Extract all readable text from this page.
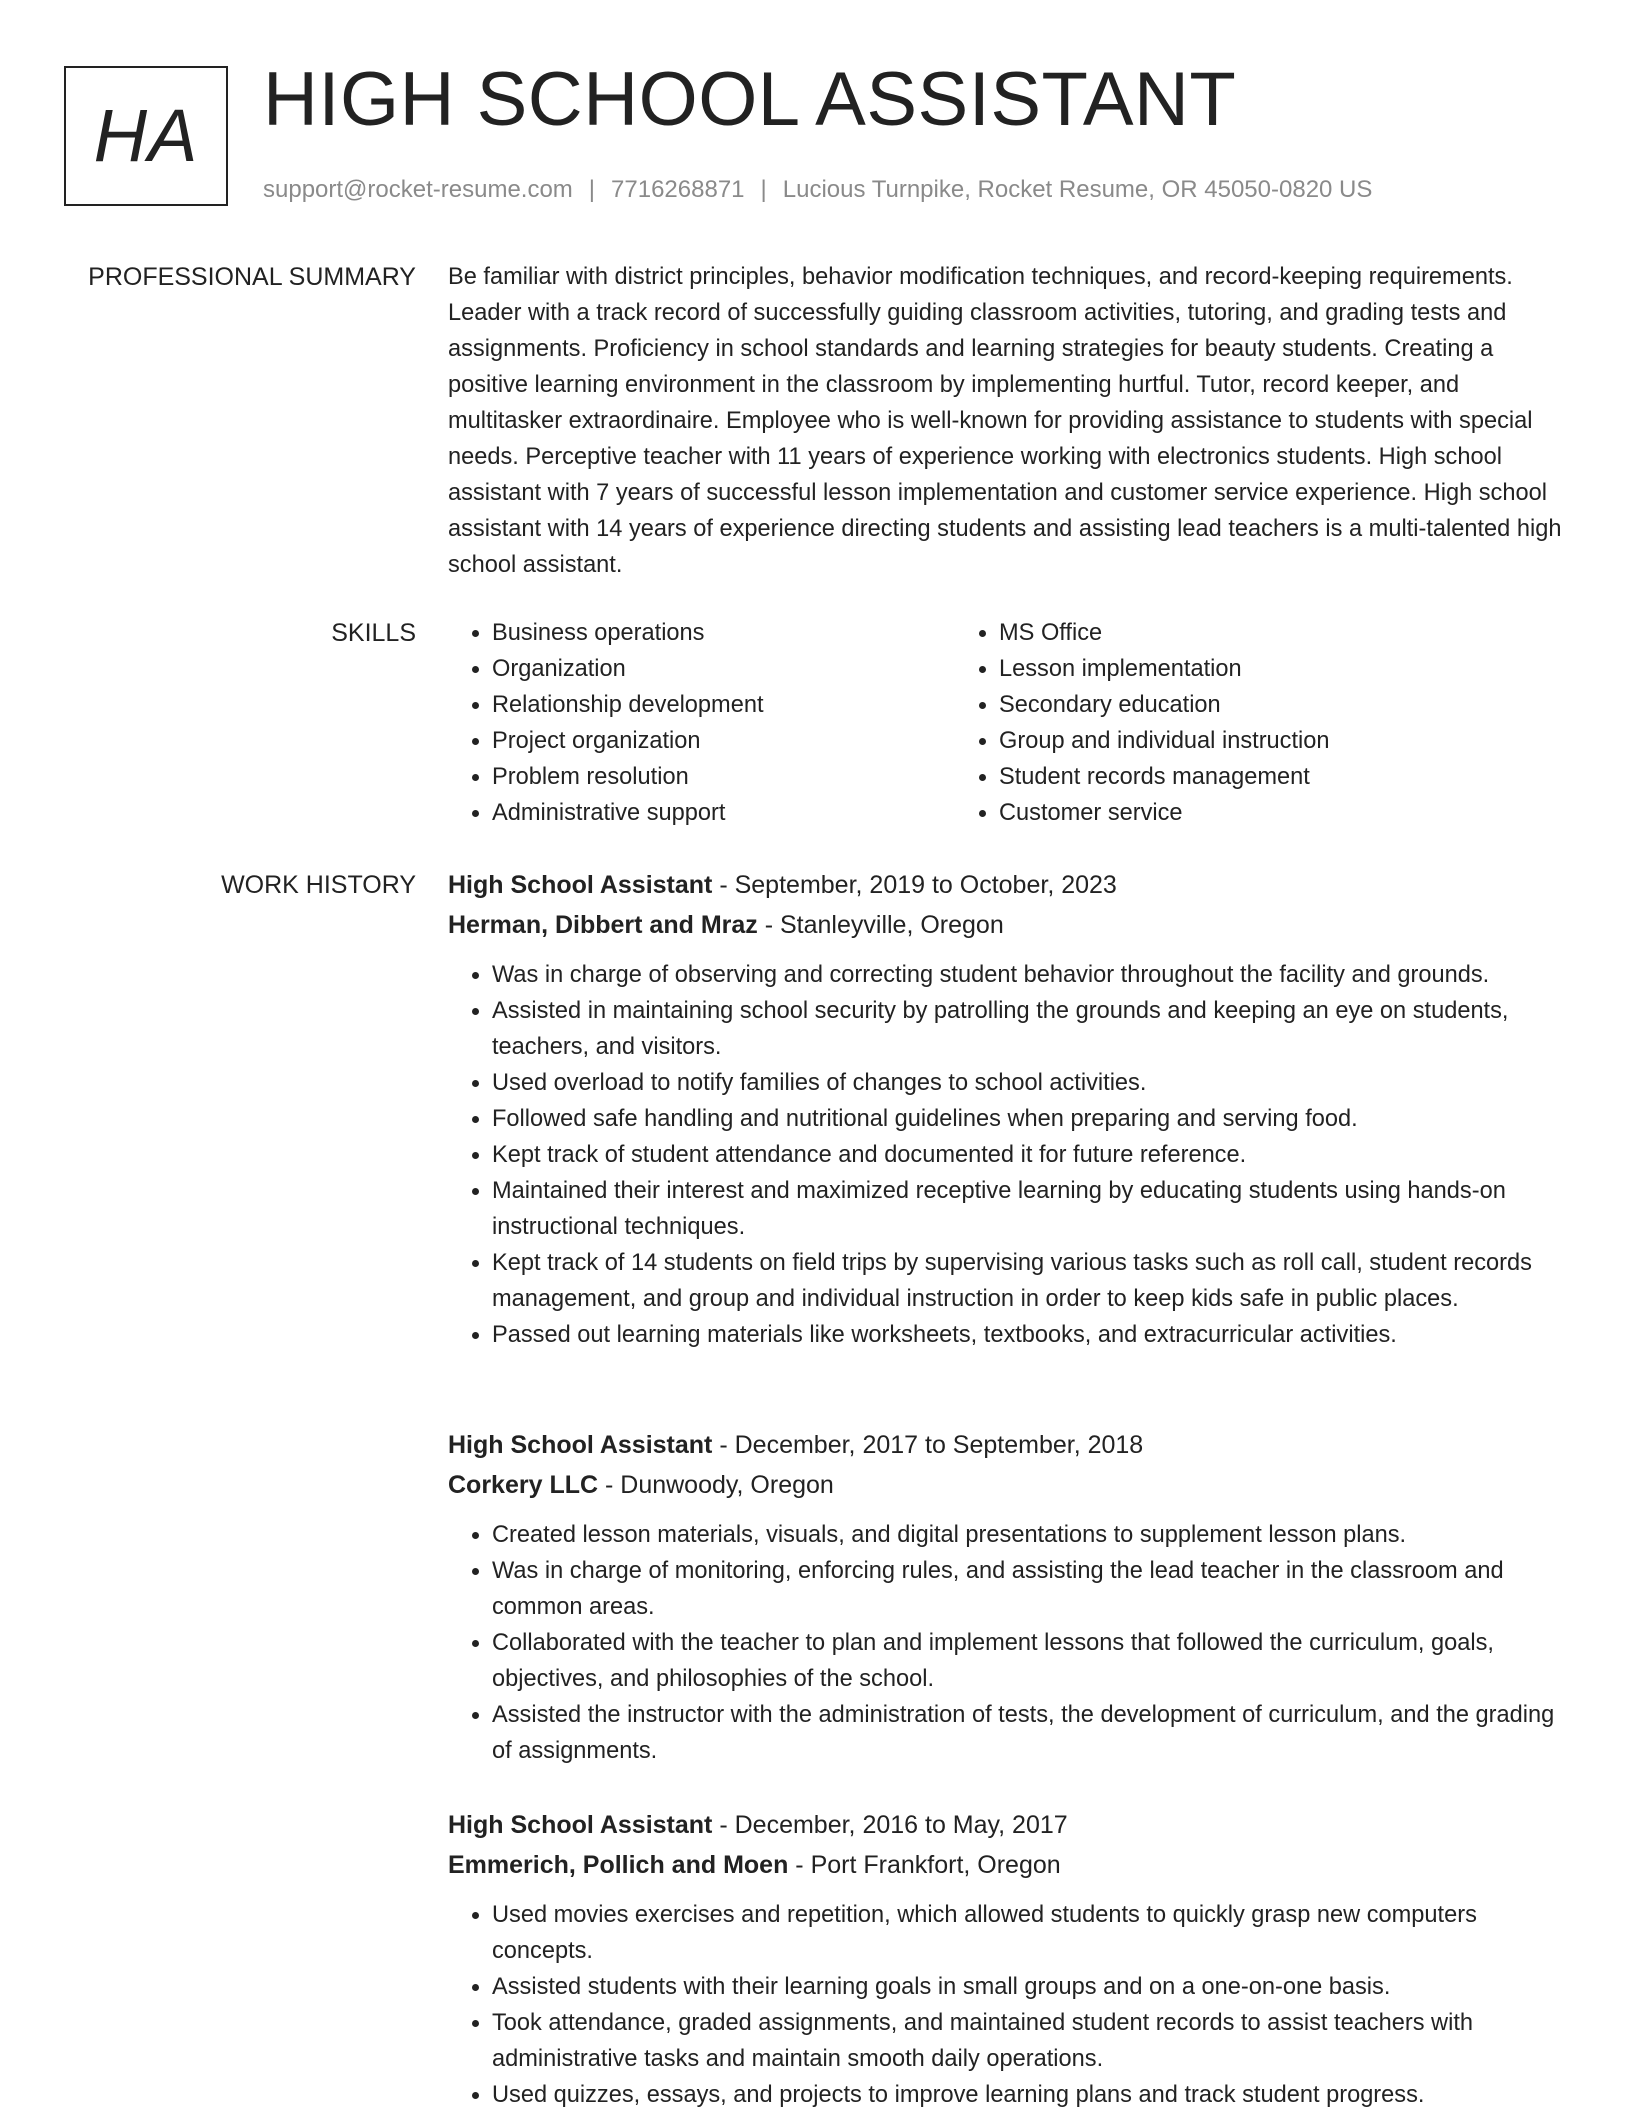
HA HIGH SCHOOL ASSISTANT
support@rocket-resume.com | 7716268871 | Lucious Turnpike, Rocket Resume, OR 45050-0820 US
PROFESSIONAL SUMMARY Be familiar with district principles, behavior modification techniques, and record-keeping requirements. Leader with a track record of successfully guiding classroom activities, tutoring, and grading tests and assignments. Proficiency in school standards and learning strategies for beauty students. Creating a positive learning environment in the classroom by implementing hurtful. Tutor, record keeper, and multitasker extraordinaire. Employee who is well-known for providing assistance to students with special needs. Perceptive teacher with 11 years of experience working with electronics students. High school assistant with 7 years of successful lesson implementation and customer service experience. High school assistant with 14 years of experience directing students and assisting lead teachers is a multi-talented high school assistant.

SKILLS
•	Business operations
• Organization
• Relationship development
• Project organization
• Problem resolution
• Administrative support
• MS Office
• Lesson implementation
• Secondary education
• Group and individual instruction
• Student records management
• Customer service
WORK HISTORY High School Assistant - September, 2019 to October, 2023
Herman, Dibbert and Mraz - Stanleyville, Oregon
• Was in charge of observing and correcting student behavior throughout the facility and grounds.
• Assisted in maintaining school security by patrolling the grounds and keeping an eye on students, teachers, and visitors.
• Used overload to notify families of changes to school activities.
• Followed safe handling and nutritional guidelines when preparing and serving food.
• Kept track of student attendance and documented it for future reference.
• Maintained their interest and maximized receptive learning by educating students using hands-on instructional techniques.
• Kept track of 14 students on field trips by supervising various tasks such as roll call, student records management, and group and individual instruction in order to keep kids safe in public places.
• Passed out learning materials like worksheets, textbooks, and extracurricular activities.
High School Assistant - December, 2017 to September, 2018
Corkery LLC - Dunwoody, Oregon
• Created lesson materials, visuals, and digital presentations to supplement lesson plans.
• Was in charge of monitoring, enforcing rules, and assisting the lead teacher in the classroom and common areas.
• Collaborated with the teacher to plan and implement lessons that followed the curriculum, goals, objectives, and philosophies of the school.
• Assisted the instructor with the administration of tests, the development of curriculum, and the grading of assignments.
High School Assistant - December, 2016 to May, 2017
Emmerich, Pollich and Moen - Port Frankfort, Oregon
• Used movies exercises and repetition, which allowed students to quickly grasp new computers concepts.
• Assisted students with their learning goals in small groups and on a one-on-one basis.
• Took attendance, graded assignments, and maintained student records to assist teachers with administrative tasks and maintain smooth daily operations.
• Used quizzes, essays, and projects to improve learning plans and track student progress.
